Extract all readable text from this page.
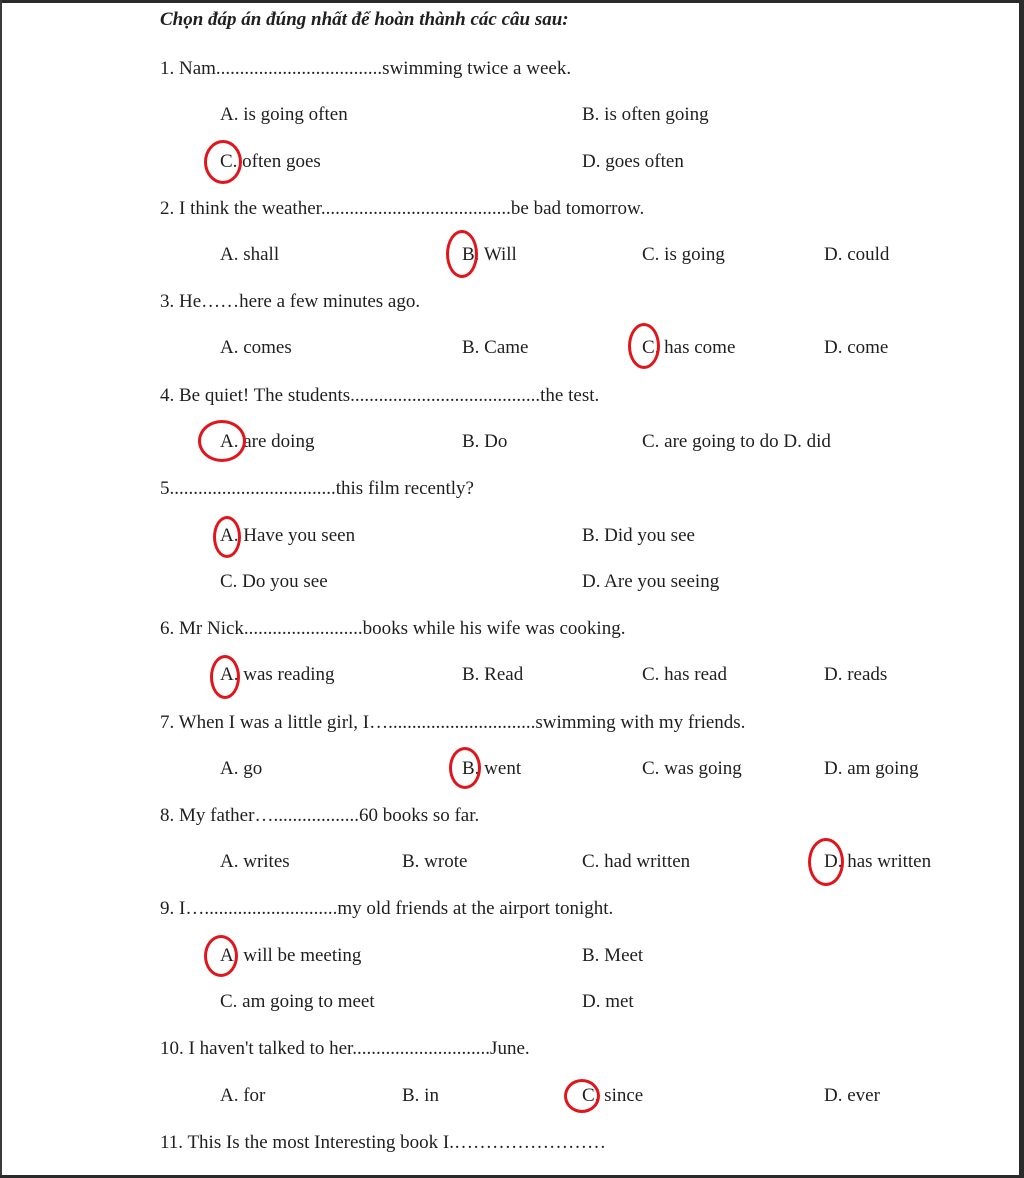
Chọn đáp án đúng nhất để hoàn thành các câu sau:
1. Nam...................................swimming twice a week.
A. is going often	B. is often going
C. often goes	D. goes often
2. I think the weather........................................be bad tomorrow.
A. shall	B. Will	C. is going	D. could
3. He……here a few minutes ago.
A. comes	B. Came	C. has come	D. come
4. Be quiet! The students........................................the test.
A. are doing	B. Do	C. are going to do D. did
5...................................this film recently?
A. Have you seen	B. Did you see
C. Do you see	D. Are you seeing
6. Mr Nick.........................books while his wife was cooking.
A. was reading	B. Read	C. has read	D. reads
7. When I was a little girl, I…...............................swimming with my friends.
A. go	B. went	C. was going	D. am going
8. My father…..................60 books so far.
A. writes	B. wrote	C. had written	D. has written
9. I…............................my old friends at the airport tonight.
A. will be meeting	B. Meet
C. am going to meet	D. met
10. I haven't talked to her.............................June.
A. for	B. in	C. since	D. ever
11. This Is the most Interesting book I.……………………
